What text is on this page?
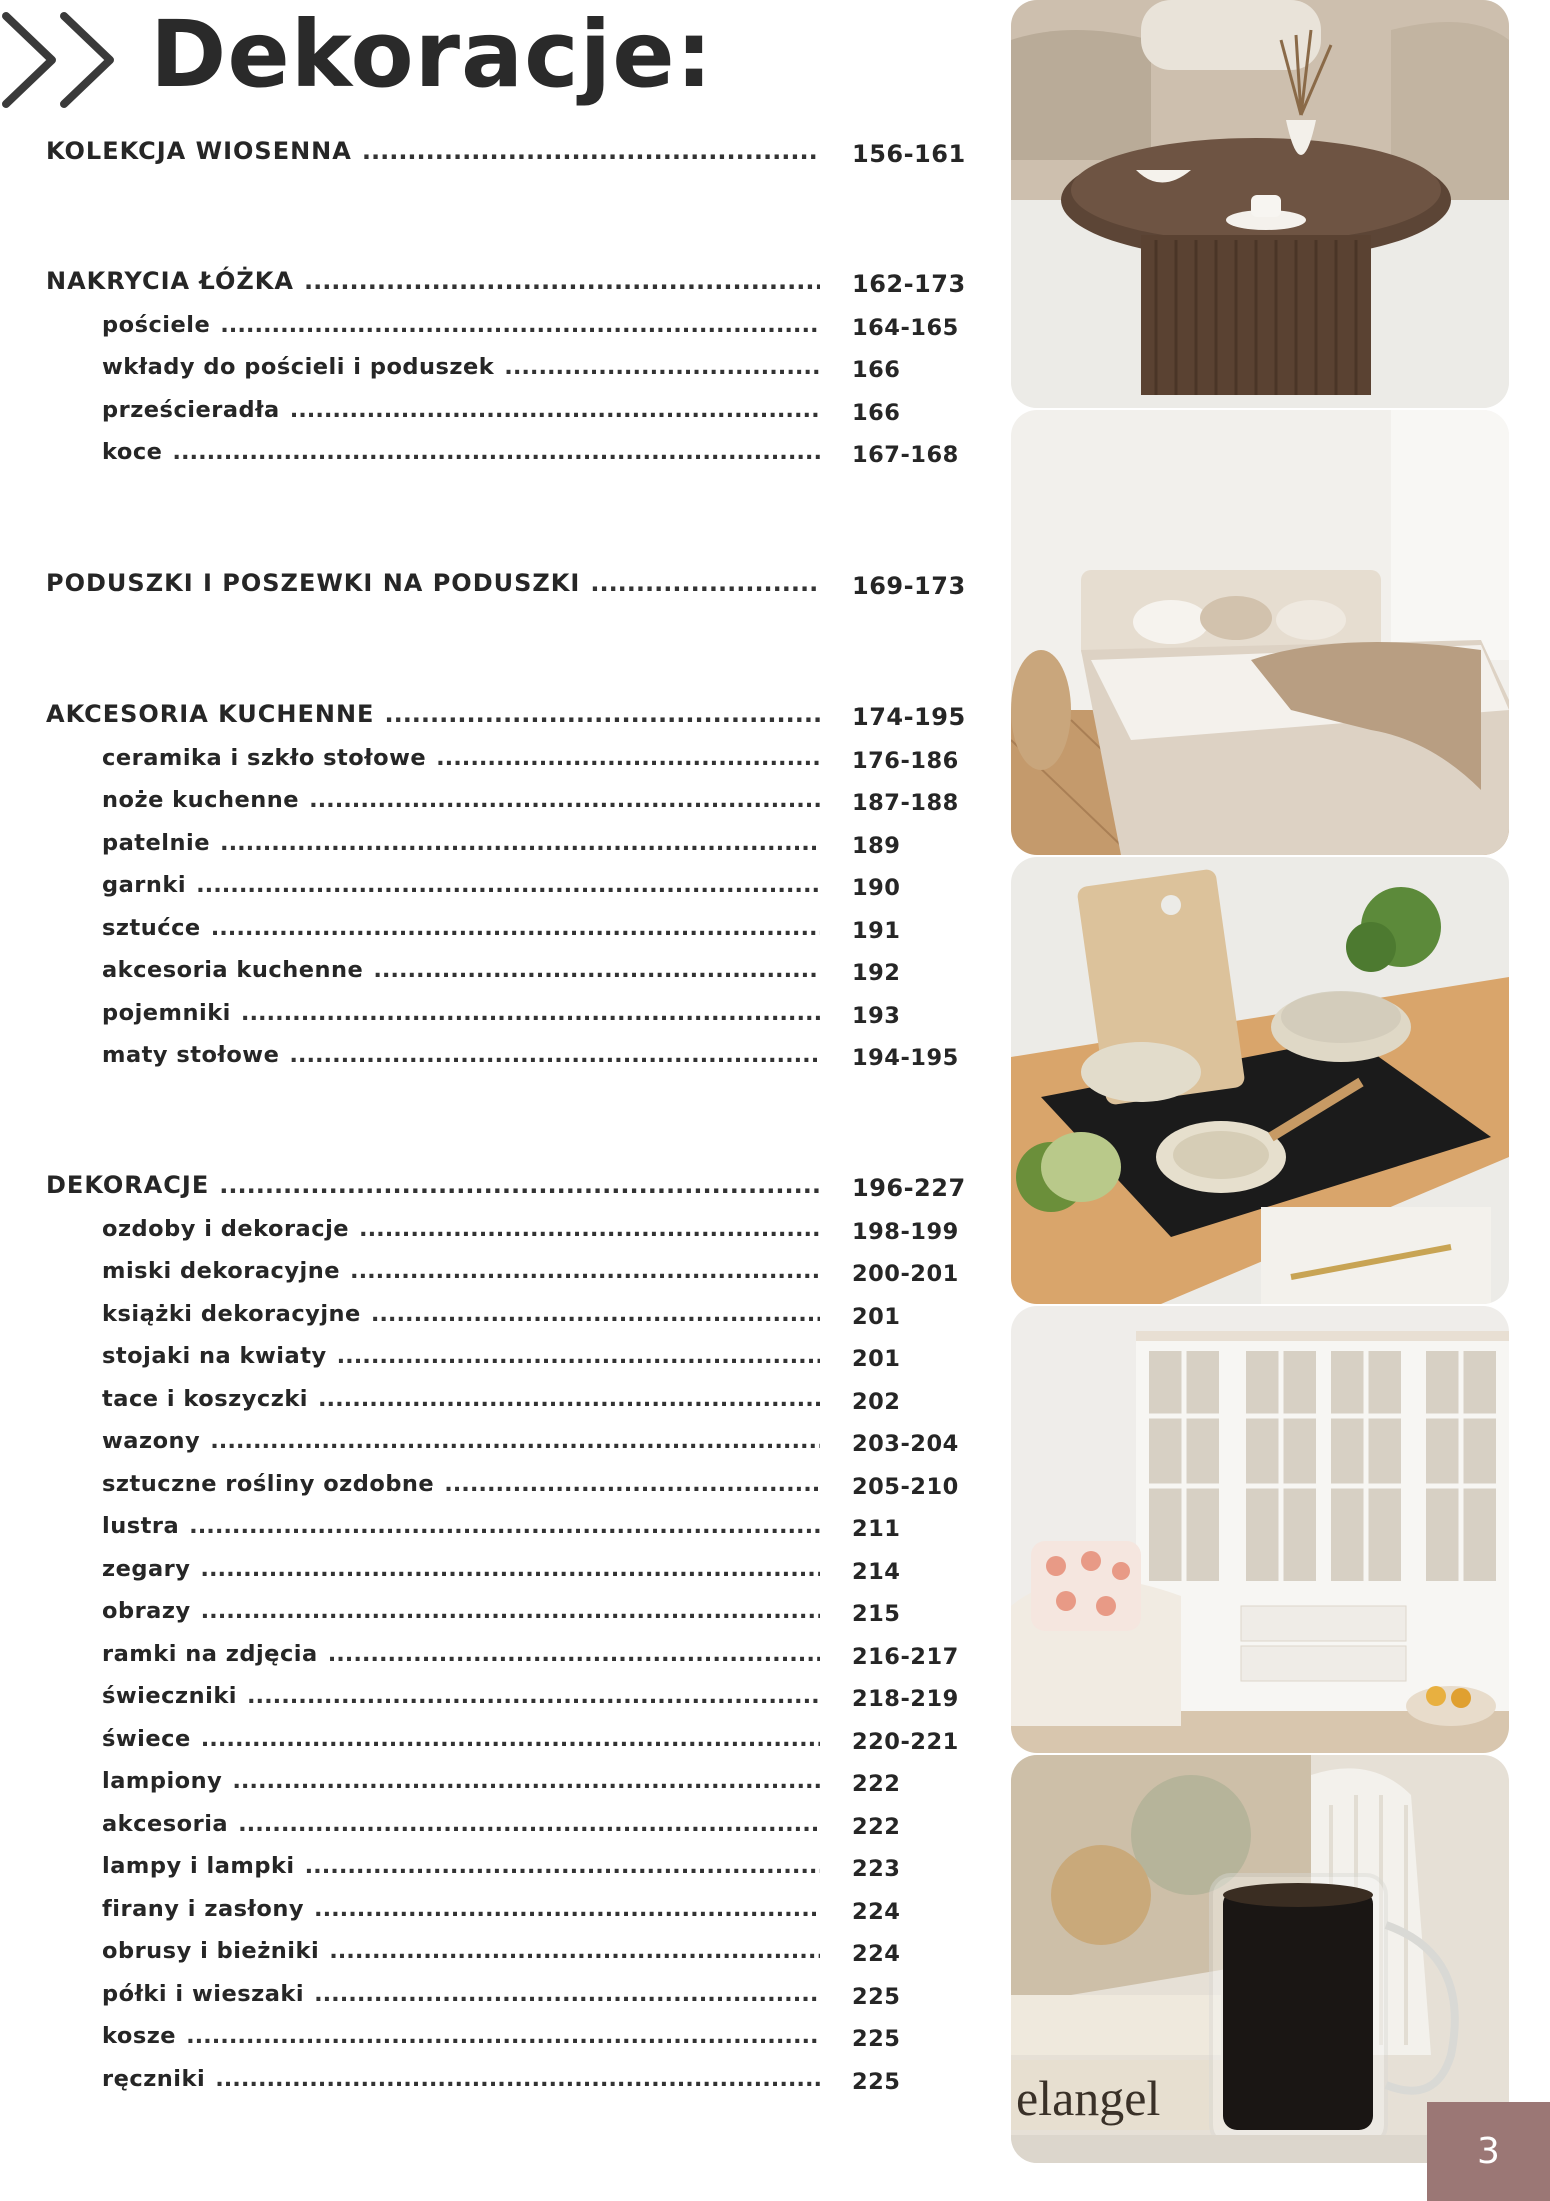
Dekoracje:
KOLEKCJA WIOSENNA .....	156-161
NAKRYCIA ŁÓŻKA .....	162-173
pościele .....	164-165
wkłady do pościeli i poduszek .....	166
prześcieradła .....	166
koce .....	167-168
PODUSZKI I POSZEWKI NA PODUSZKI .....	169-173
AKCESORIA KUCHENNE .....	174-195
ceramika i szkło stołowe .....	176-186
noże kuchenne .....	187-188
patelnie .....	189
garnki .....	190
sztućce .....	191
akcesoria kuchenne .....	192
pojemniki .....	193
maty stołowe .....	194-195
DEKORACJE .....	196-227
ozdoby i dekoracje .....	198-199
miski dekoracyjne .....	200-201
książki dekoracyjne .....	201
stojaki na kwiaty .....	201
tace i koszyczki .....	202
wazony .....	203-204
sztuczne rośliny ozdobne .....	205-210
lustra .....	211
zegary .....	214
obrazy .....	215
ramki na zdjęcia .....	216-217
świeczniki .....	218-219
świece .....	220-221
lampiony .....	222
akcesoria .....	222
lampy i lampki .....	223
firany i zasłony .....	224
obrusy i bieżniki .....	224
półki i wieszaki .....	225
kosze .....	225
ręczniki .....	225 elangel
3
